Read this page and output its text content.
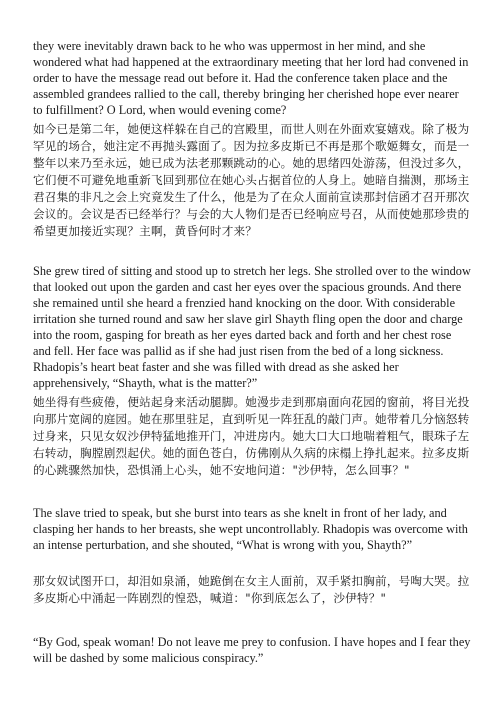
they were inevitably drawn back to he who was uppermost in her mind, and she wondered what had happened at the extraordinary meeting that her lord had convened in order to have the message read out before it. Had the conference taken place and the assembled grandees rallied to the call, thereby bringing her cherished hope ever nearer to fulfillment? O Lord, when would evening come?

如今已是第二年，她便这样躲在自己的宫殿里，而世人则在外面欢宴嬉戏。除了极为罕见的场合，她注定不再抛头露面了。因为拉多皮斯已不再是那个歌姬舞女，而是一整年以来乃至永远，她已成为法老那颗跳动的心。她的思绪四处游荡，但没过多久，它们便不可避免地重新飞回到那位在她心头占据首位的人身上。她暗自揣测，那场主君召集的非凡之会上究竟发生了什么，他是为了在众人面前宣读那封信函才召开那次会议的。会议是否已经举行？与会的大人物们是否已经响应号召，从而使她那珍贵的希望更加接近实现？主啊，黄昏何时才来？

She grew tired of sitting and stood up to stretch her legs. She strolled over to the window that looked out upon the garden and cast her eyes over the spacious grounds. And there she remained until she heard a frenzied hand knocking on the door. With considerable irritation she turned round and saw her slave girl Shayth fling open the door and charge into the room, gasping for breath as her eyes darted back and forth and her chest rose and fell. Her face was pallid as if she had just risen from the bed of a long sickness. Rhadopis’s heart beat faster and she was filled with dread as she asked her apprehensively, “Shayth, what is the matter?”

她坐得有些疲倦，便站起身来活动腿脚。她漫步走到那扇面向花园的窗前，将目光投向那片宽阔的庭园。她在那里驻足，直到听见一阵狂乱的敲门声。她带着几分恼怒转过身来，只见女奴沙伊特猛地推开门，冲进房内。她大口大口地喘着粗气，眼珠子左右转动，胸膛剧烈起伏。她的面色苍白，仿佛刚从久病的床榻上挣扎起来。拉多皮斯的心跳骤然加快，恐惧涌上心头，她不安地问道："沙伊特，怎么回事？"

The slave tried to speak, but she burst into tears as she knelt in front of her lady, and clasping her hands to her breasts, she wept uncontrollably. Rhadopis was overcome with an intense perturbation, and she shouted, “What is wrong with you, Shayth?”

那女奴试图开口，却泪如泉涌，她跪倒在女主人面前，双手紧扣胸前，号啕大哭。拉多皮斯心中涌起一阵剧烈的惶恐，喊道："你到底怎么了，沙伊特？"

“By God, speak woman! Do not leave me prey to confusion. I have hopes and I fear they will be dashed by some malicious conspiracy.”
